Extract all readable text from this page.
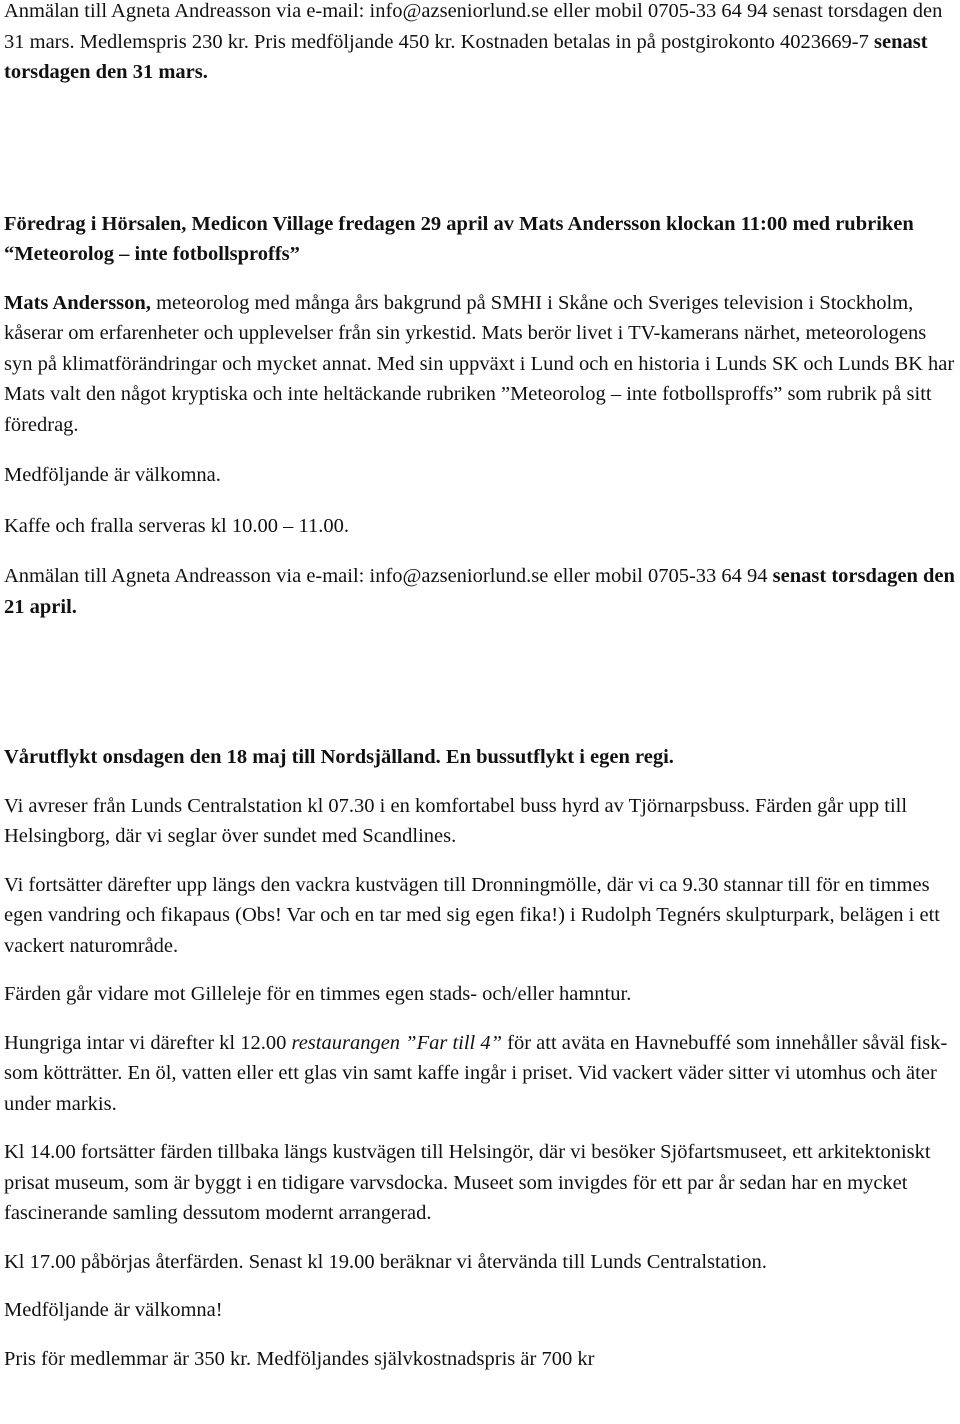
Anmälan till Agneta Andreasson via e-mail: info@azseniorlund.se eller mobil 0705-33 64 94 senast torsdagen den 31 mars. Medlemspris 230 kr. Pris medföljande 450 kr. Kostnaden betalas in på postgirokonto 4023669-7 senast torsdagen den 31 mars.

Föredrag i Hörsalen, Medicon Village fredagen 29 april av Mats Andersson klockan 11:00 med rubriken “Meteorolog – inte fotbollsproffs”

Mats Andersson, meteorolog med många års bakgrund på SMHI i Skåne och Sveriges television i Stockholm, kåserar om erfarenheter och upplevelser från sin yrkestid. Mats berör livet i TV-kamerans närhet, meteorologens syn på klimatförändringar och mycket annat. Med sin uppväxt i Lund och en historia i Lunds SK och Lunds BK har Mats valt den något kryptiska och inte heltäckande rubriken ”Meteorolog – inte fotbollsproffs” som rubrik på sitt föredrag.

Medföljande är välkomna.

Kaffe och fralla serveras kl 10.00 – 11.00.

Anmälan till Agneta Andreasson via e-mail: info@azseniorlund.se eller mobil 0705-33 64 94 senast torsdagen den 21 april.

Vårutflykt onsdagen den 18 maj till Nordsjälland. En bussutflykt i egen regi.

Vi avreser från Lunds Centralstation kl 07.30 i en komfortabel buss hyrd av Tjörnarpsbuss. Färden går upp till Helsingborg, där vi seglar över sundet med Scandlines.

Vi fortsätter därefter upp längs den vackra kustvägen till Dronningmölle, där vi ca 9.30 stannar till för en timmes egen vandring och fikapaus (Obs! Var och en tar med sig egen fika!) i Rudolph Tegnérs skulpturpark, belägen i ett vackert naturområde.

Färden går vidare mot Gilleleje för en timmes egen stads- och/eller hamntur.

Hungriga intar vi därefter kl 12.00 restaurangen ”Far till 4” för att aväta en Havnebuffé som innehåller såväl fisk- som kötträtter. En öl, vatten eller ett glas vin samt kaffe ingår i priset. Vid vackert väder sitter vi utomhus och äter under markis.

Kl 14.00 fortsätter färden tillbaka längs kustvägen till Helsingör, där vi besöker Sjöfartsmuseet, ett arkitektoniskt prisat museum, som är byggt i en tidigare varvsdocka. Museet som invigdes för ett par år sedan har en mycket fascinerande samling dessutom modernt arrangerad.

Kl 17.00 påbörjas återfärden. Senast kl 19.00 beräknar vi återvända till Lunds Centralstation.

Medföljande är välkomna!

Pris för medlemmar är 350 kr. Medföljandes självkostnadspris är 700 kr
